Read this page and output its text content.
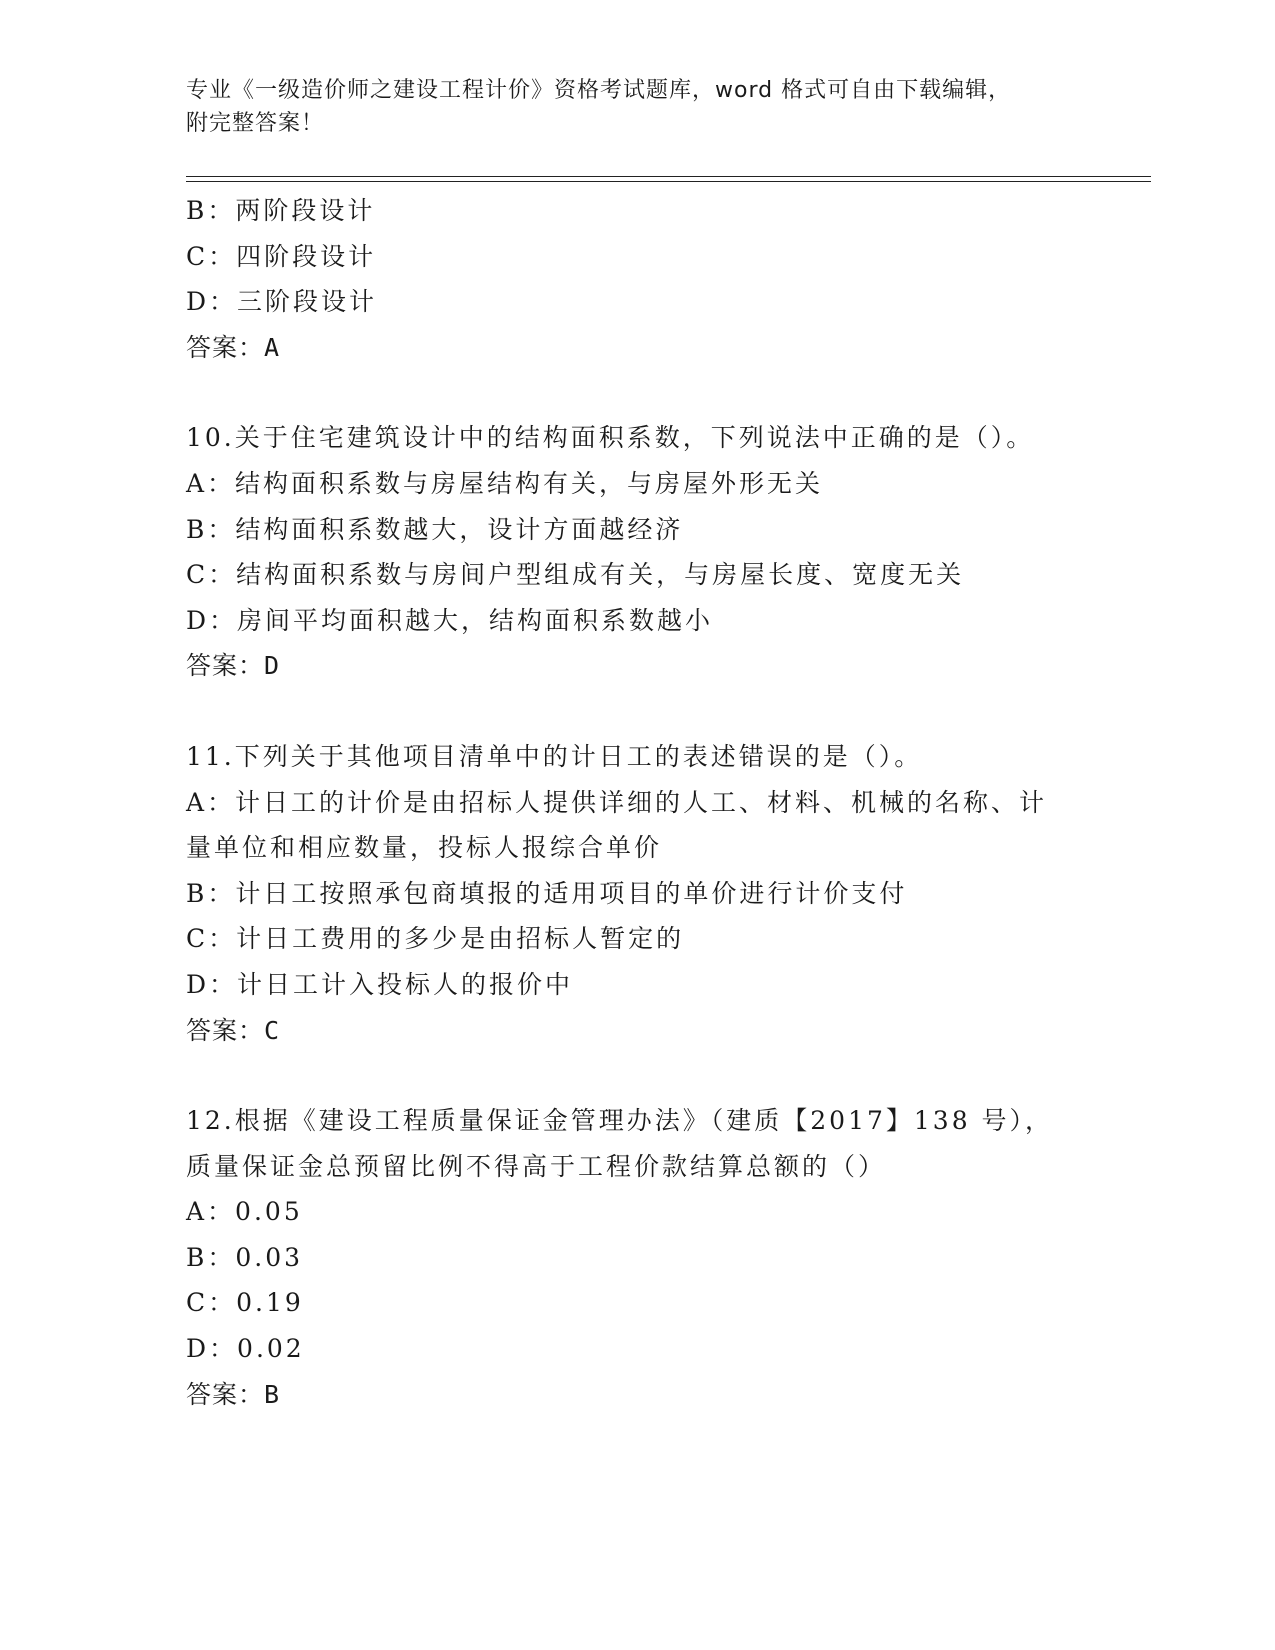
专业《一级造价师之建设工程计价》资格考试题库，word 格式可自由下载编辑，
附完整答案！
B：两阶段设计
C：四阶段设计
D：三阶段设计
答案：A
10.关于住宅建筑设计中的结构面积系数，下列说法中正确的是（）。
A：结构面积系数与房屋结构有关，与房屋外形无关
B：结构面积系数越大，设计方面越经济
C：结构面积系数与房间户型组成有关，与房屋长度、宽度无关
D：房间平均面积越大，结构面积系数越小
答案：D
11.下列关于其他项目清单中的计日工的表述错误的是（）。
A：计日工的计价是由招标人提供详细的人工、材料、机械的名称、计
量单位和相应数量，投标人报综合单价
B：计日工按照承包商填报的适用项目的单价进行计价支付
C：计日工费用的多少是由招标人暂定的
D：计日工计入投标人的报价中
答案：C
12.根据《建设工程质量保证金管理办法》（建质【2017】138 号），
质量保证金总预留比例不得高于工程价款结算总额的（）
A：0.05
B：0.03
C：0.19
D：0.02
答案：B
